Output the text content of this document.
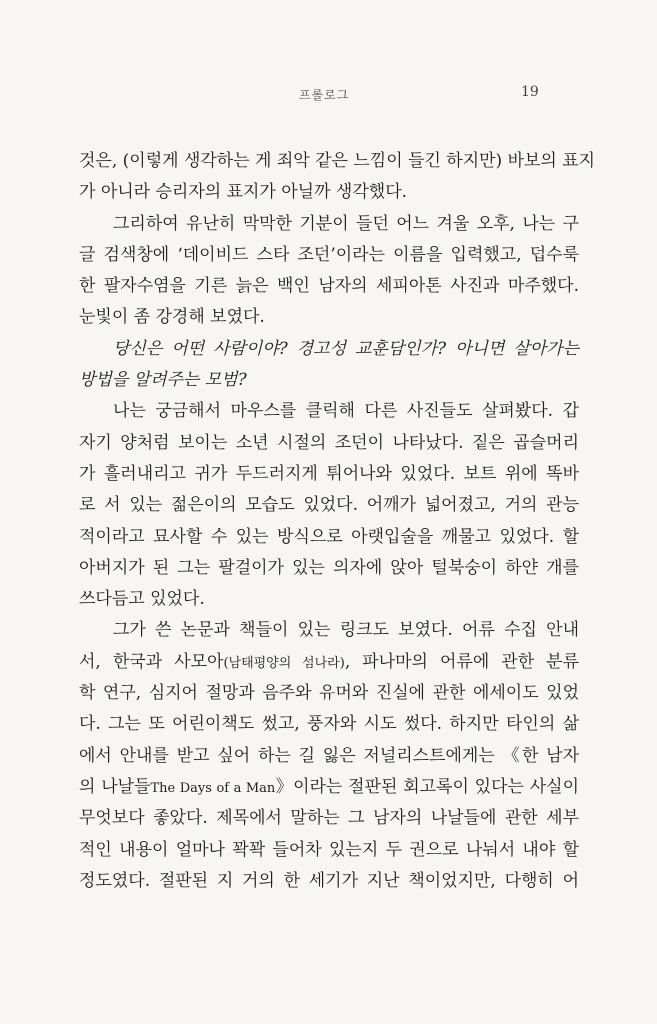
프롤로그	19
것은, (이렇게 생각하는 게 죄악 같은 느낌이 들긴 하지만) 바보의 표지
가 아니라 승리자의 표지가 아닐까 생각했다.
그리하여 유난히 막막한 기분이 들던 어느 겨울 오후, 나는 구
글 검색창에 ‘데이비드 스타 조던’이라는 이름을 입력했고, 덥수룩
한 팔자수염을 기른 늙은 백인 남자의 세피아톤 사진과 마주했다.
눈빛이 좀 강경해 보였다.
당신은 어떤 사람이야? 경고성 교훈담인가? 아니면 살아가는
방법을 알려주는 모범?
나는 궁금해서 마우스를 클릭해 다른 사진들도 살펴봤다. 갑
자기 양처럼 보이는 소년 시절의 조던이 나타났다. 짙은 곱슬머리
가 흘러내리고 귀가 두드러지게 튀어나와 있었다. 보트 위에 똑바
로 서 있는 젊은이의 모습도 있었다. 어깨가 넓어졌고, 거의 관능
적이라고 묘사할 수 있는 방식으로 아랫입술을 깨물고 있었다. 할
아버지가 된 그는 팔걸이가 있는 의자에 앉아 털북숭이 하얀 개를
쓰다듬고 있었다.
그가 쓴 논문과 책들이 있는 링크도 보였다. 어류 수집 안내
서, 한국과 사모아(남태평양의 섬나라), 파나마의 어류에 관한 분류
학 연구, 심지어 절망과 음주와 유머와 진실에 관한 에세이도 있었
다. 그는 또 어린이책도 썼고, 풍자와 시도 썼다. 하지만 타인의 삶
에서 안내를 받고 싶어 하는 길 잃은 저널리스트에게는 《한 남자
의 나날들The Days of a Man》이라는 절판된 회고록이 있다는 사실이
무엇보다 좋았다. 제목에서 말하는 그 남자의 나날들에 관한 세부
적인 내용이 얼마나 꽉꽉 들어차 있는지 두 권으로 나눠서 내야 할
정도였다. 절판된 지 거의 한 세기가 지난 책이었지만, 다행히 어
